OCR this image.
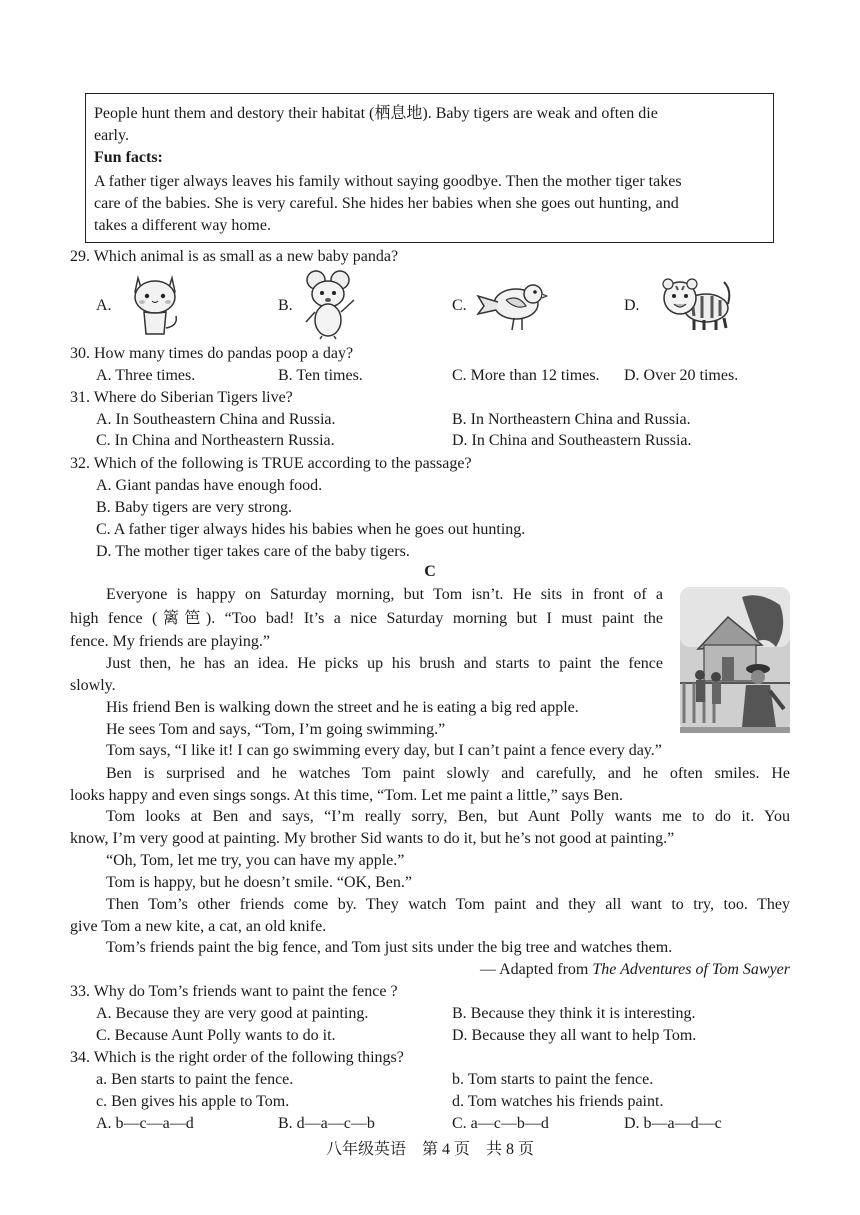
People hunt them and destory their habitat (栖息地). Baby tigers are weak and often die
early.
Fun facts:
A father tiger always leaves his family without saying goodbye. Then the mother tiger takes
care of the babies. She is very careful. She hides her babies when she goes out hunting, and
takes a different way home.
29. Which animal is as small as a new baby panda?
A.	B.	C.	D.
30. How many times do pandas poop a day?
A. Three times.	B. Ten times.	C. More than 12 times. D. Over 20 times.
31. Where do Siberian Tigers live?
A. In Southeastern China and Russia.	B. In Northeastern China and Russia.
C. In China and Northeastern Russia.	D. In China and Southeastern Russia.
32. Which of the following is TRUE according to the passage?
A. Giant pandas have enough food.
B. Baby tigers are very strong.
C. A father tiger always hides his babies when he goes out hunting.
D. The mother tiger takes care of the baby tigers.
C
Everyone is happy on Saturday morning, but Tom isn’t. He sits in front of a
high fence (篱笆). “Too bad! It’s a nice Saturday morning but I must paint the
fence. My friends are playing.”
Just then, he has an idea. He picks up his brush and starts to paint the fence
slowly.
His friend Ben is walking down the street and he is eating a big red apple.
He sees Tom and says, “Tom, I’m going swimming.”
Tom says, “I like it! I can go swimming every day, but I can’t paint a fence every day.”
Ben is surprised and he watches Tom paint slowly and carefully, and he often smiles. He
looks happy and even sings songs. At this time, “Tom. Let me paint a little,” says Ben.
Tom looks at Ben and says, “I’m really sorry, Ben, but Aunt Polly wants me to do it. You
know, I’m very good at painting. My brother Sid wants to do it, but he’s not good at painting.”
“Oh, Tom, let me try, you can have my apple.”
Tom is happy, but he doesn’t smile. “OK, Ben.”
Then Tom’s other friends come by. They watch Tom paint and they all want to try, too. They
give Tom a new kite, a cat, an old knife.
Tom’s friends paint the big fence, and Tom just sits under the big tree and watches them.
— Adapted from The Adventures of Tom Sawyer
33. Why do Tom’s friends want to paint the fence ?
A. Because they are very good at painting.	B. Because they think it is interesting.
C. Because Aunt Polly wants to do it.	D. Because they all want to help Tom.
34. Which is the right order of the following things?
a. Ben starts to paint the fence.	b. Tom starts to paint the fence.
c. Ben gives his apple to Tom.	d. Tom watches his friends paint.
A. b—c—a—d	B. d—a—c—b	C. a—c—b—d	D. b—a—d—c
八年级英语　第 4 页　共 8 页
